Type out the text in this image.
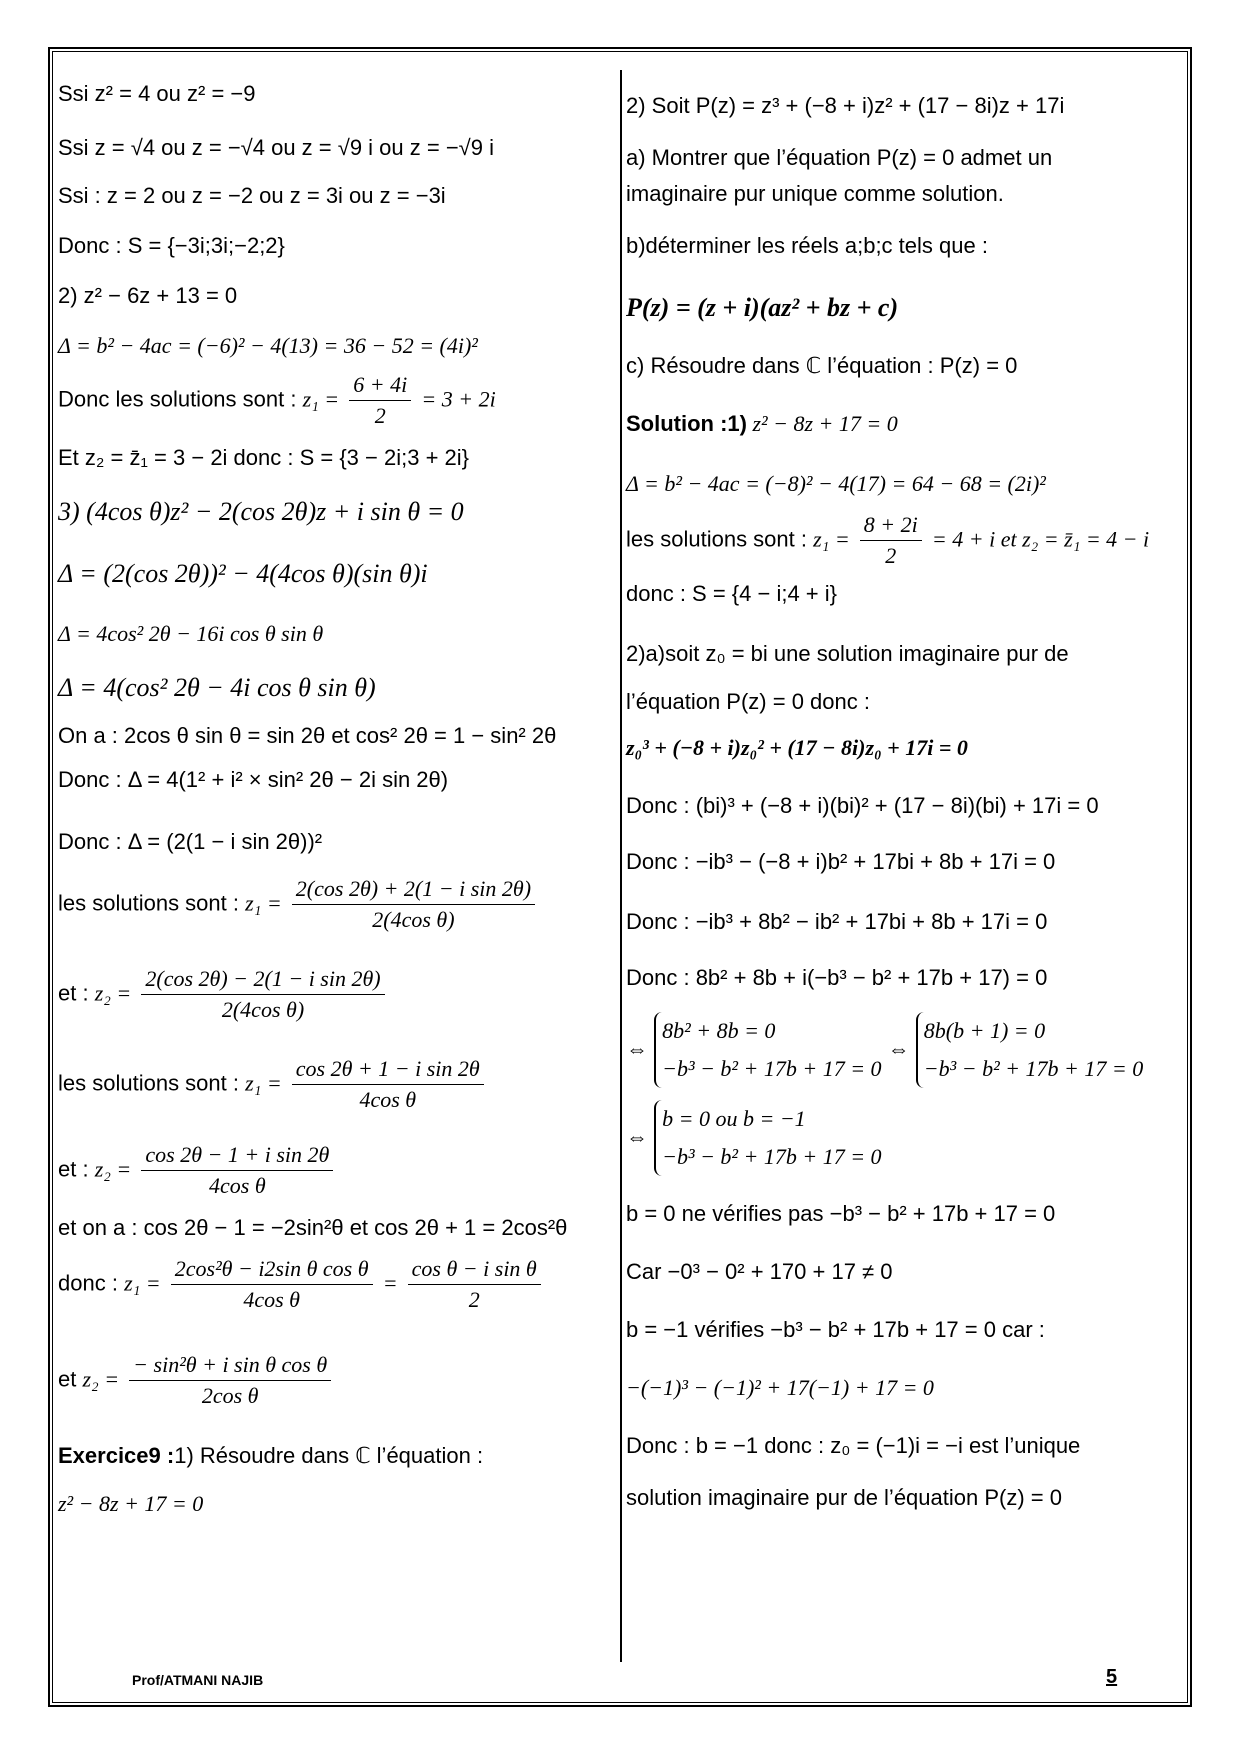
Ssi z² = 4 ou z² = −9
Ssi z = √4 ou z = −√4 ou z = √9 i ou z = −√9 i
Ssi : z = 2 ou z = −2 ou z = 3i ou z = −3i
Donc : S = {−3i;3i;−2;2}
2) z² − 6z + 13 = 0
Δ = b² − 4ac = (−6)² − 4(13) = 36 − 52 = (4i)²
Donc les solutions sont : $z_1 = \frac{6 + 4i}{2} = 3 + 2i$
Et z₂ = z̄₁ = 3 − 2i donc : S = {3 − 2i;3 + 2i}
3) (4cos θ)z² − 2(cos 2θ)z + i sin θ = 0
Δ = (2(cos 2θ))² − 4(4cos θ)(sin θ)i
Δ = 4cos² 2θ − 16i cos θ sin θ
Δ = 4(cos² 2θ − 4i cos θ sin θ)
On a : 2cos θ sin θ = sin 2θ et cos² 2θ = 1 − sin² 2θ
Donc : Δ = 4(1² + i² × sin² 2θ − 2i sin 2θ)
Donc : Δ = (2(1 − i sin 2θ))²
les solutions sont : $z_1 = \frac{\text{2(cos 2θ) + 2(1 − i sin 2θ)}}{\text{2(4cos θ)}}$
et : $z_2 = \frac{\text{2(cos 2θ) − 2(1 − i sin 2θ)}}{\text{2(4cos θ)}}$
les solutions sont : $z_1 = \frac{\text{cos 2θ + 1 − i sin 2θ}}{\text{4cos θ}}$
et : $z_2 = \frac{\text{cos 2θ − 1 + i sin 2θ}}{\text{4cos θ}}$
et on a : cos 2θ − 1 = −2sin²θ et cos 2θ + 1 = 2cos²θ
donc : $z_1 = \frac{\text{2cos²θ − i2sin θ cos θ}}{\text{4cos θ}} = \frac{\text{cos θ − i sin θ}}{2}$
et $z_2 = \frac{\text{− sin²θ + i sin θ cos θ}}{\text{2cos θ}}$
Exercice9 :1) Résoudre dans ℂ l’équation :
z² − 8z + 17 = 0
2) Soit P(z) = z³ + (−8 + i)z² + (17 − 8i)z + 17i
a) Montrer que l’équation P(z) = 0 admet un
imaginaire pur unique comme solution.
b)déterminer les réels a;b;c tels que :
P(z) = (z + i)(az² + bz + c)
c) Résoudre dans ℂ l’équation : P(z) = 0
Solution :1) z² − 8z + 17 = 0
Δ = b² − 4ac = (−8)² − 4(17) = 64 − 68 = (2i)²
les solutions sont : $z_1 = \frac{8 + 2i}{2} = 4 + i$ et z₂ = z̄₁ = 4 − i
donc : S = {4 − i;4 + i}
2)a)soit z₀ = bi une solution imaginaire pur de
l’équation P(z) = 0 donc :
z₀³ + (−8 + i)z₀² + (17 − 8i)z₀ + 17i = 0
Donc : (bi)³ + (−8 + i)(bi)² + (17 − 8i)(bi) + 17i = 0
Donc : −ib³ − (−8 + i)b² + 17bi + 8b + 17i = 0
Donc : −ib³ + 8b² − ib² + 17bi + 8b + 17i = 0
Donc : 8b² + 8b + i(−b³ − b² + 17b + 17) = 0
⇔
8b² + 8b = 0
−b³ − b² + 17b + 17 = 0
⇔
8b(b + 1) = 0
−b³ − b² + 17b + 17 = 0
⇔
b = 0 ou b = −1
−b³ − b² + 17b + 17 = 0
b = 0 ne vérifies pas −b³ − b² + 17b + 17 = 0
Car −0³ − 0² + 170 + 17 ≠ 0
b = −1 vérifies −b³ − b² + 17b + 17 = 0 car :
−(−1)³ − (−1)² + 17(−1) + 17 = 0
Donc : b = −1 donc : z₀ = (−1)i = −i est l’unique
solution imaginaire pur de l’équation P(z) = 0
Prof/ATMANI NAJIB	5
